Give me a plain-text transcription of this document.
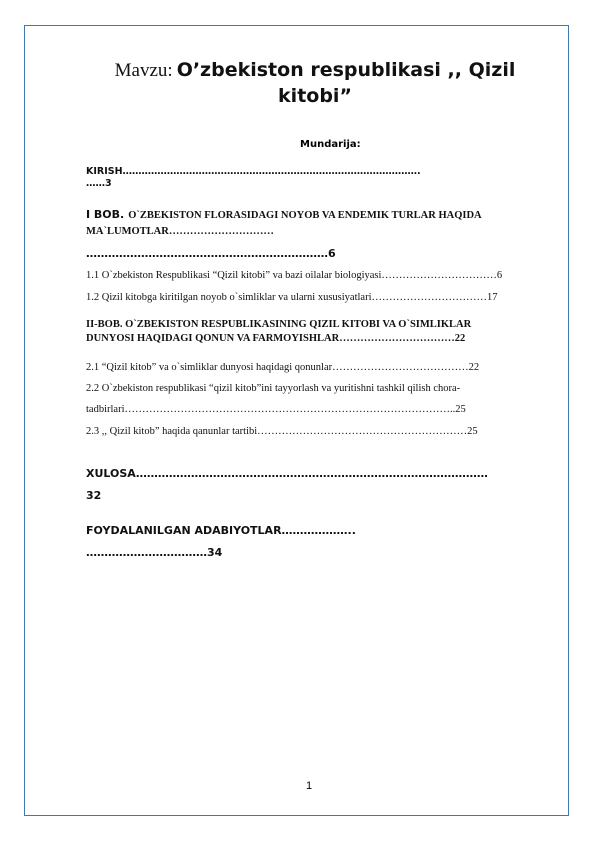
Mavzu: O’zbekiston respublikasi ,, Qizil kitobi”
Mundarija:
KIRISH………………………………………………………………………………….
……3
I BOB. O`ZBEKISTON FLORASIDAGI NOYOB VA ENDEMIK TURLAR HAQIDA
MA`LUMOTLAR…………………………
…………………………………………………………6
1.1 O`zbekiston Respublikasi “Qizil kitobi” va bazi oilalar biologiyasi……………………………6
1.2 Qizil kitobga kiritilgan noyob o`simliklar va ularni xususiyatlari……………………………17
II-BOB. O`ZBEKISTON RESPUBLIKASINING QIZIL KITOBI VA O`SIMLIKLAR
DUNYOSI HAQIDAGI QONUN VA FARMOYISHLAR……………………………22
2.1 “Qizil kitob” va o`simliklar dunyosi haqidagi qonunlar…………………………………22
2.2 O`zbekiston respublikasi “qizil kitob”ini tayyorlash va yuritishni tashkil qilish chora-
tadbirlari…………………………………………………………………………………..25
2.3 ,, Qizil kitob” haqida qanunlar tartibi……………………………………………………25
XULOSA……………………………………………………………………………………
32
FOYDALANILGAN ADABIYOTLAR………………..
……………………………34
1
